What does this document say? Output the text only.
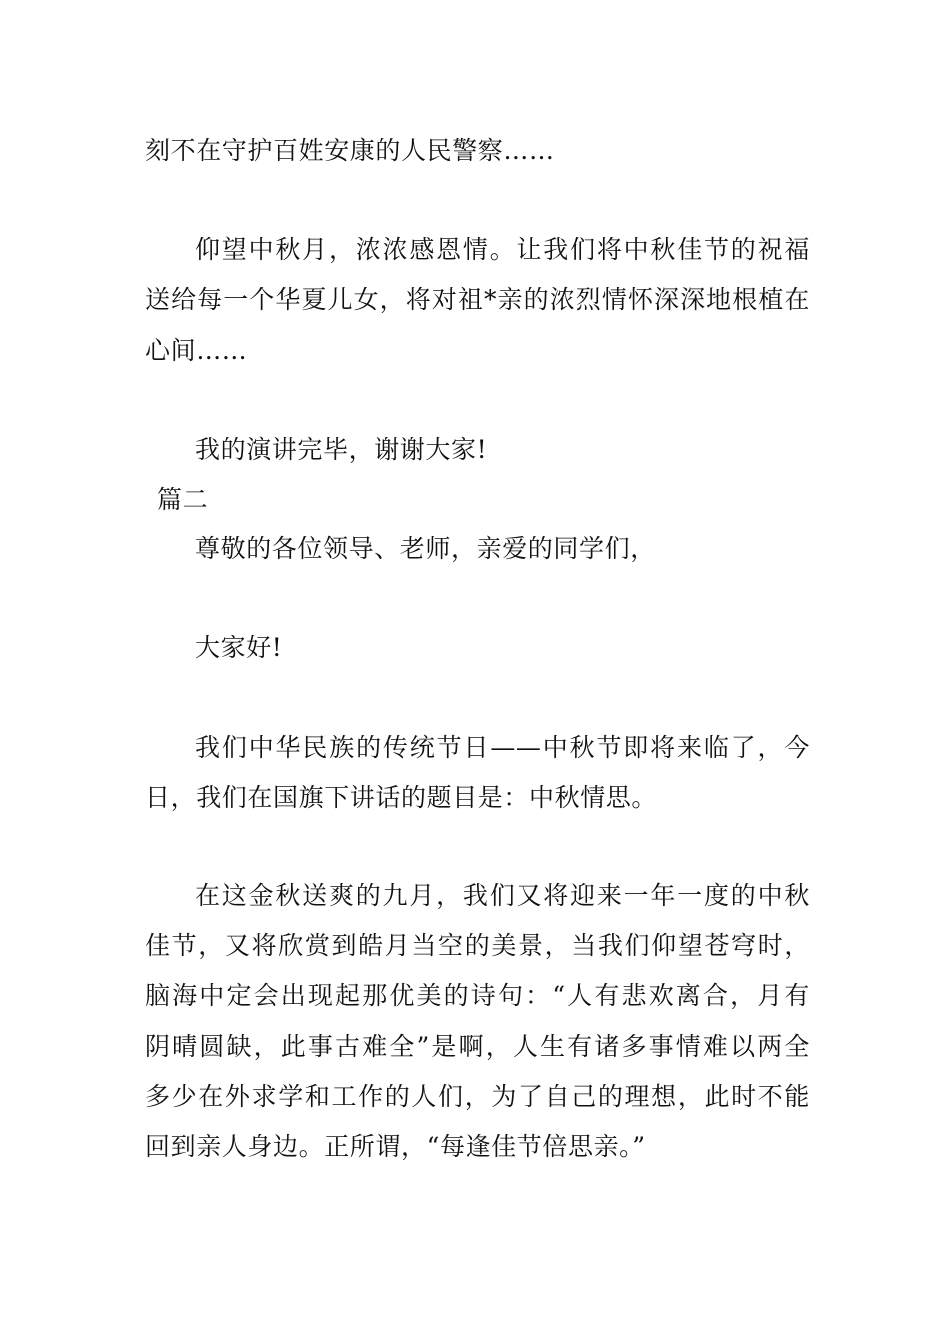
刻不在守护百姓安康的人民警察……
仰望中秋月，浓浓感恩情。让我们将中秋佳节的祝福
送给每一个华夏儿女，将对祖*亲的浓烈情怀深深地根植在
心间……
我的演讲完毕，谢谢大家!
篇二
尊敬的各位领导、老师，亲爱的同学们，
大家好!
我们中华民族的传统节日——中秋节即将来临了，今
日，我们在国旗下讲话的题目是：中秋情思。
在这金秋送爽的九月，我们又将迎来一年一度的中秋
佳节，又将欣赏到皓月当空的美景，当我们仰望苍穹时，
脑海中定会出现起那优美的诗句：“人有悲欢离合，月有
阴晴圆缺，此事古难全”是啊，人生有诸多事情难以两全
多少在外求学和工作的人们，为了自己的理想，此时不能
回到亲人身边。正所谓，“每逢佳节倍思亲。”
